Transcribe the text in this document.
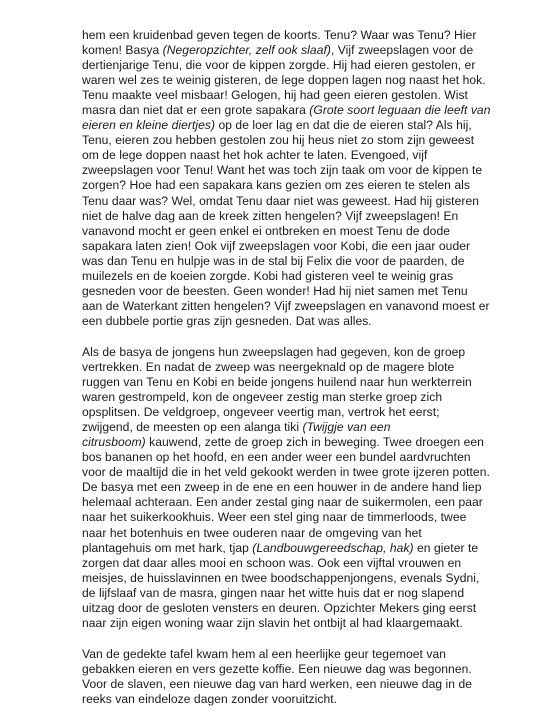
hem een kruidenbad geven tegen de koorts. Tenu? Waar was Tenu? Hier
komen! Basya (Negeropzichter, zelf ook slaaf), Vijf zweepslagen voor de
dertienjarige Tenu, die voor de kippen zorgde. Hij had eieren gestolen, er
waren wel zes te weinig gisteren, de lege doppen lagen nog naast het hok.
Tenu maakte veel misbaar! Gelogen, hij had geen eieren gestolen. Wist
masra dan niet dat er een grote sapakara (Grote soort leguaan die leeft van
eieren en kleine diertjes) op de loer lag en dat die de eieren stal? Als hij,
Tenu, eieren zou hebben gestolen zou hij heus niet zo stom zijn geweest
om de lege doppen naast het hok achter te laten. Evengoed, vijf
zweepslagen voor Tenu! Want het was toch zijn taak om voor de kippen te
zorgen? Hoe had een sapakara kans gezien om zes eieren te stelen als
Tenu daar was? Wel, omdat Tenu daar niet was geweest. Had hij gisteren
niet de halve dag aan de kreek zitten hengelen? Vijf zweepslagen! En
vanavond mocht er geen enkel ei ontbreken en moest Tenu de dode
sapakara laten zien! Ook vijf zweepslagen voor Kobi, die een jaar ouder
was dan Tenu en hulpje was in de stal bij Felix die voor de paarden, de
muilezels en de koeien zorgde. Kobi had gisteren veel te weinig gras
gesneden voor de beesten. Geen wonder! Had hij niet samen met Tenu
aan de Waterkant zitten hengelen? Vijf zweepslagen en vanavond moest er
een dubbele portie gras zijn gesneden. Dat was alles.
Als de basya de jongens hun zweepslagen had gegeven, kon de groep
vertrekken. En nadat de zweep was neergeknald op de magere blote
ruggen van Tenu en Kobi en beide jongens huilend naar hun werkterrein
waren gestrompeld, kon de ongeveer zestig man sterke groep zich
opsplitsen. De veldgroep, ongeveer veertig man, vertrok het eerst;
zwijgend, de meesten op een alanga tiki (Twijgje van een
citrusboom) kauwend, zette de groep zich in beweging. Twee droegen een
bos bananen op het hoofd, en een ander weer een bundel aardvruchten
voor de maaltijd die in het veld gekookt werden in twee grote ijzeren potten.
De basya met een zweep in de ene en een houwer in de andere hand liep
helemaal achteraan. Een ander zestal ging naar de suikermolen, een paar
naar het suikerkookhuis. Weer een stel ging naar de timmerloods, twee
naar het botenhuis en twee ouderen naar de omgeving van het
plantagehuis om met hark, tjap (Landbouwgereedschap, hak) en gieter te
zorgen dat daar alles mooi en schoon was. Ook een vijftal vrouwen en
meisjes, de huisslavinnen en twee boodschappenjongens, evenals Sydni,
de lijfslaaf van de masra, gingen naar het witte huis dat er nog slapend
uitzag door de gesloten vensters en deuren. Opzichter Mekers ging eerst
naar zijn eigen woning waar zijn slavin het ontbijt al had klaargemaakt.
Van de gedekte tafel kwam hem al een heerlijke geur tegemoet van
gebakken eieren en vers gezette koffie. Een nieuwe dag was begonnen.
Voor de slaven, een nieuwe dag van hard werken, een nieuwe dag in de
reeks van eindeloze dagen zonder vooruitzicht.
